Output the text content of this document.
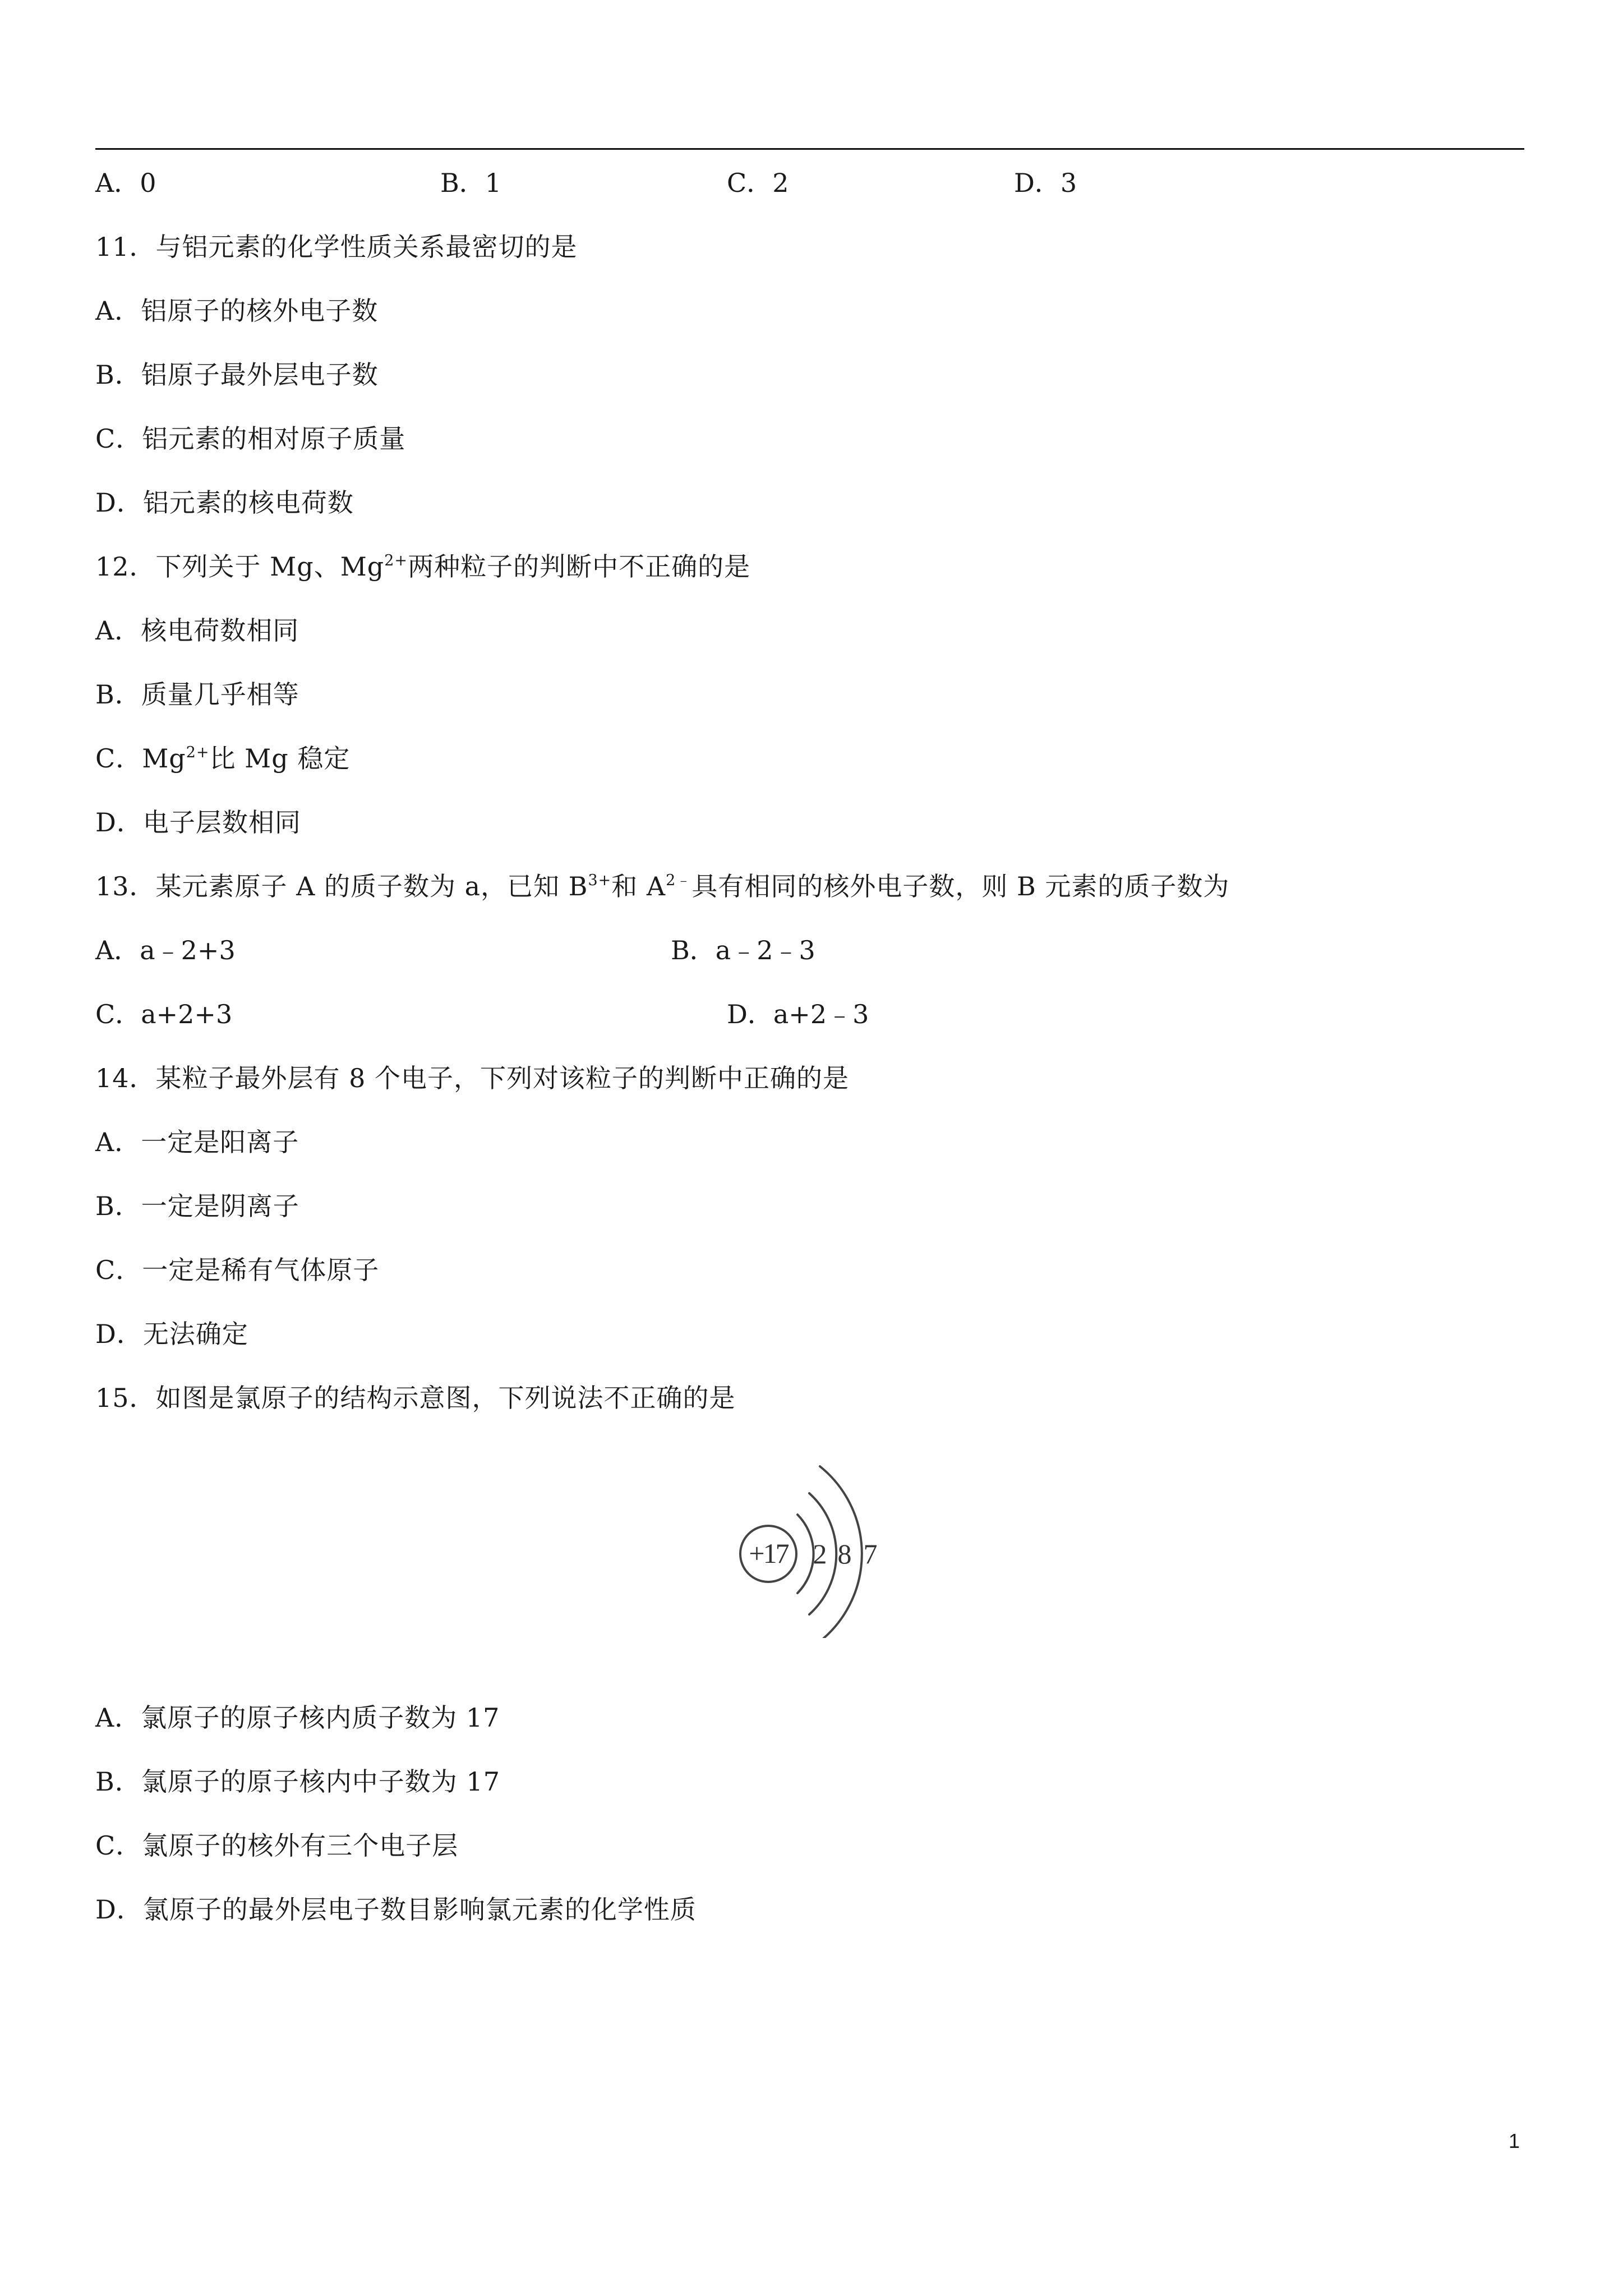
A．0	B．1	C．2	D．3
11．与铝元素的化学性质关系最密切的是
A．铝原子的核外电子数
B．铝原子最外层电子数
C．铝元素的相对原子质量
D．铝元素的核电荷数
12．下列关于 Mg、$Mg^{2+}$两种粒子的判断中不正确的是
A．核电荷数相同
B．质量几乎相等
C．$Mg^{2+}$比 Mg 稳定
D．电子层数相同
13．某元素原子 A 的质子数为 a，已知 $B^{3+}$和 $A^{2﹣}$具有相同的核外电子数，则 B 元素的质子数为
A．a﹣2+3	B．a﹣2﹣3
C．a+2+3	D．a+2﹣3
14．某粒子最外层有 8 个电子，下列对该粒子的判断中正确的是
A．一定是阳离子
B．一定是阴离子
C．一定是稀有气体原子
D．无法确定
15．如图是氯原子的结构示意图，下列说法不正确的是
+17 2 8 7
A．氯原子的原子核内质子数为 17
B．氯原子的原子核内中子数为 17
C．氯原子的核外有三个电子层
D．氯原子的最外层电子数目影响氯元素的化学性质
1
